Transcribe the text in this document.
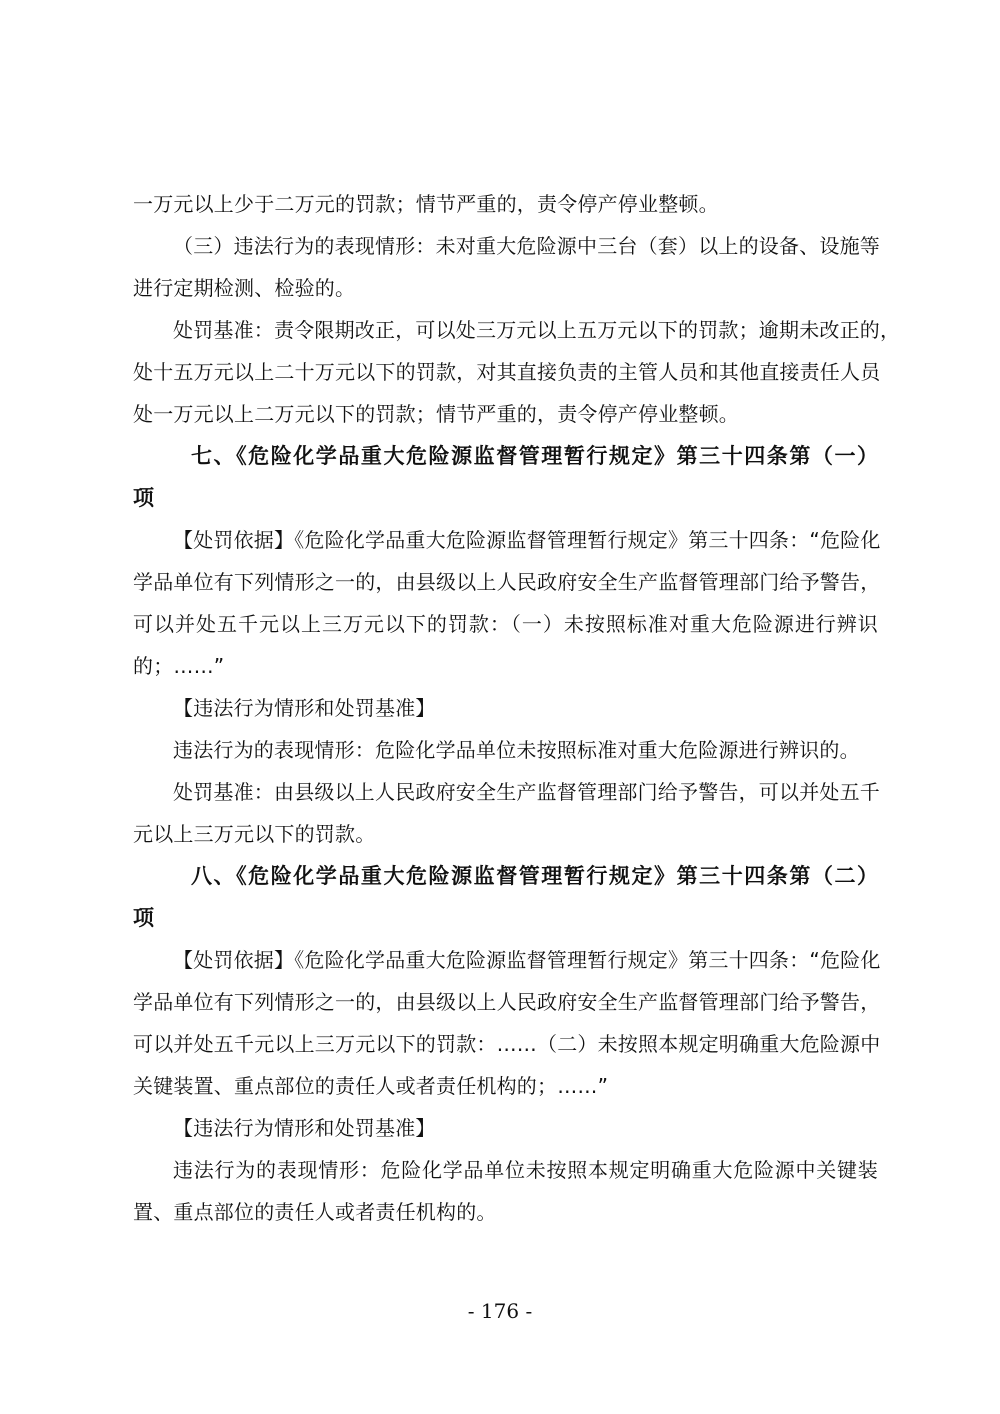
一万元以上少于二万元的罚款；情节严重的，责令停产停业整顿。
（三）违法行为的表现情形：未对重大危险源中三台（套）以上的设备、设施等
进行定期检测、检验的。
处罚基准：责令限期改正，可以处三万元以上五万元以下的罚款；逾期未改正的，
处十五万元以上二十万元以下的罚款，对其直接负责的主管人员和其他直接责任人员
处一万元以上二万元以下的罚款；情节严重的，责令停产停业整顿。
七、《危险化学品重大危险源监督管理暂行规定》第三十四条第（一）
项
【处罚依据】《危险化学品重大危险源监督管理暂行规定》第三十四条：“危险化
学品单位有下列情形之一的，由县级以上人民政府安全生产监督管理部门给予警告，
可以并处五千元以上三万元以下的罚款：（一）未按照标准对重大危险源进行辨识
的；……”
【违法行为情形和处罚基准】
违法行为的表现情形：危险化学品单位未按照标准对重大危险源进行辨识的。
处罚基准：由县级以上人民政府安全生产监督管理部门给予警告，可以并处五千
元以上三万元以下的罚款。
八、《危险化学品重大危险源监督管理暂行规定》第三十四条第（二）
项
【处罚依据】《危险化学品重大危险源监督管理暂行规定》第三十四条：“危险化
学品单位有下列情形之一的，由县级以上人民政府安全生产监督管理部门给予警告，
可以并处五千元以上三万元以下的罚款：……（二）未按照本规定明确重大危险源中
关键装置、重点部位的责任人或者责任机构的；……”
【违法行为情形和处罚基准】
违法行为的表现情形：危险化学品单位未按照本规定明确重大危险源中关键装
置、重点部位的责任人或者责任机构的。
- 176 -
